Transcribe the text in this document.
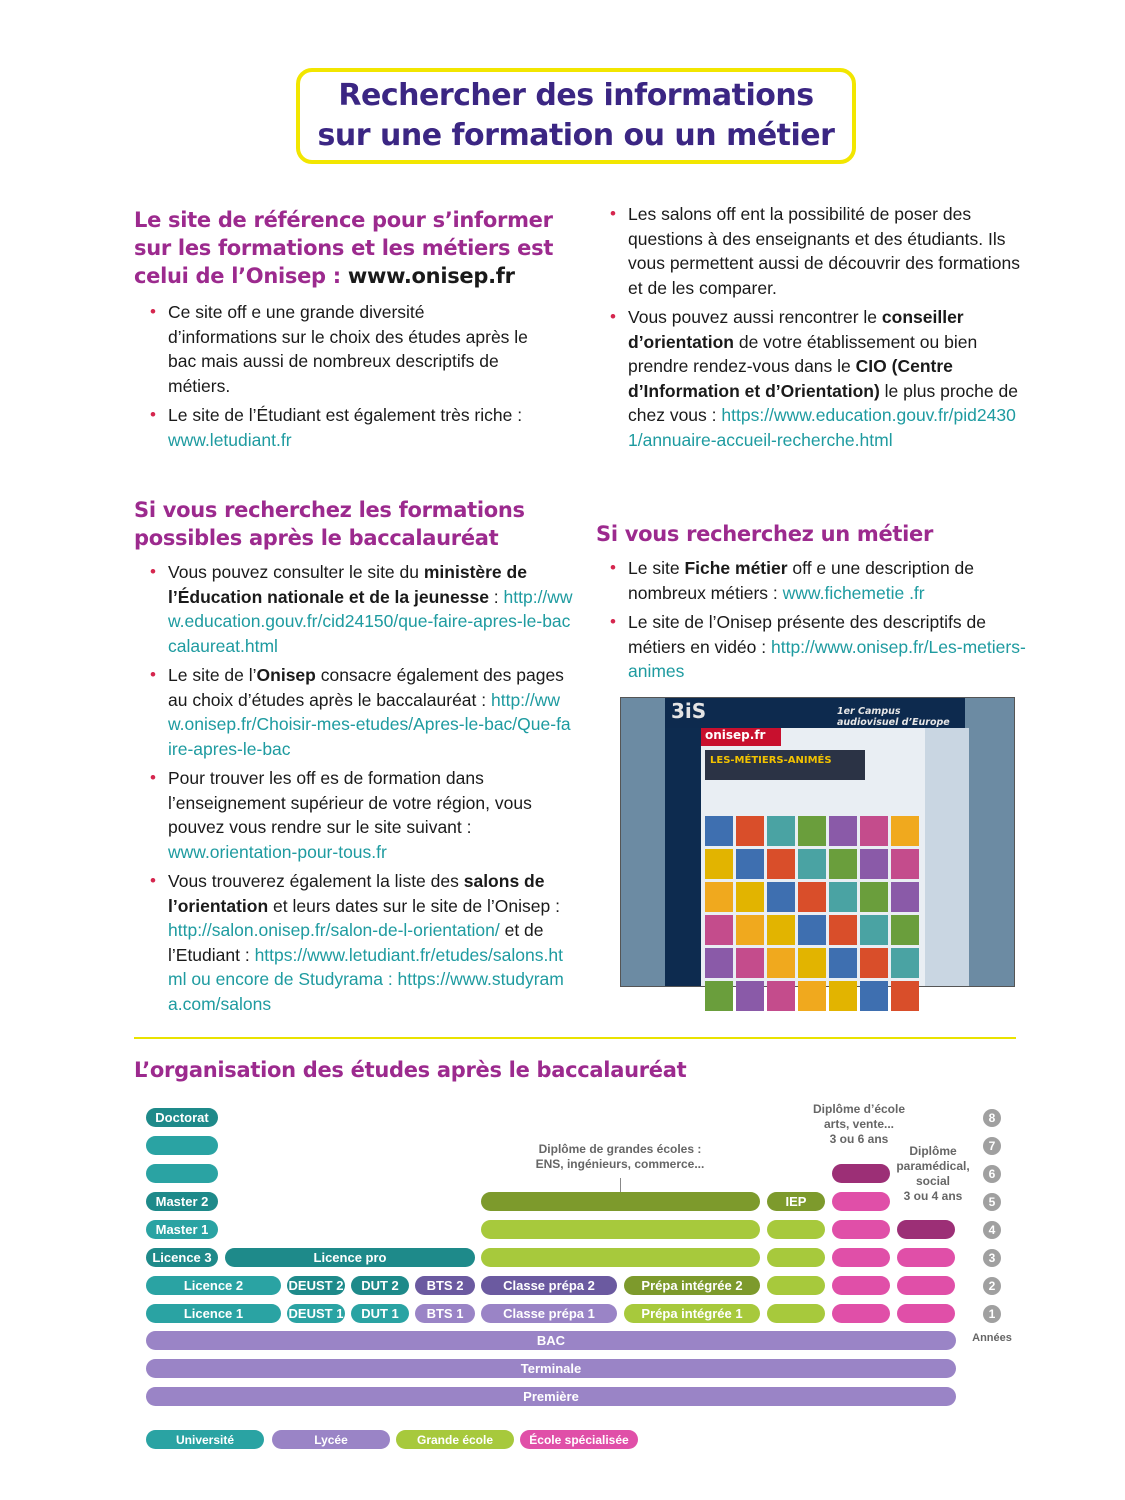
Rechercher des informations
sur une formation ou un métier
Le site de référence pour s’informer
sur les formations et les métiers est
celui de l’Onisep : www.onisep.fr
• Ce site off e une grande diversité d’informations sur le choix des études après le bac mais aussi de nombreux descriptifs de métiers.
• Le site de l’Étudiant est également très riche : www.letudiant.fr
• Les salons off ent la possibilité de poser des questions à des enseignants et des étudiants. Ils vous permettent aussi de découvrir des formations et de les comparer.
• Vous pouvez aussi rencontrer le conseiller d’orientation de votre établissement ou bien prendre rendez-vous dans le CIO (Centre d’Information et d’Orientation) le plus proche de chez vous : https://www.education.gouv.fr/pid24301/annuaire-accueil-recherche.html
Si vous recherchez les formations
possibles après le baccalauréat
• Vous pouvez consulter le site du ministère de l’Éducation nationale et de la jeunesse : http://www.education.gouv.fr/cid24150/que-faire-apres-le-baccalaureat.html
• Le site de l’Onisep consacre également des pages au choix d’études après le baccalauréat : http://www.onisep.fr/Choisir-mes-etudes/Apres-le-bac/Que-faire-apres-le-bac
• Pour trouver les off es de formation dans l’enseignement supérieur de votre région, vous pouvez vous rendre sur le site suivant : www.orientation-pour-tous.fr
• Vous trouverez également la liste des salons de l’orientation et leurs dates sur le site de l’Onisep : http://salon.onisep.fr/salon-de-l-orientation/ et de l’Etudiant : https://www.letudiant.fr/etudes/salons.html ou encore de Studyrama : https://www.studyrama.com/salons
Si vous recherchez un métier
• Le site Fiche métier off e une description de nombreux métiers : www.fichemetie .fr
• Le site de l’Onisep présente des descriptifs de métiers en vidéo : http://www.onisep.fr/Les-metiers-animes
3iS	1er Campus audiovisuel d’Europe
onisep.fr
LES-MÉTIERS-ANIMÉS
L’organisation des études après le baccalauréat
Doctorat
Master 2
Master 1
Licence 3	Licence pro
Licence 2	DEUST 2	DUT 2	BTS 2	Classe prépa 2	Prépa intégrée 2
Licence 1	DEUST 1	DUT 1	BTS 1	Classe prépa 1	Prépa intégrée 1
Diplôme de grandes écoles :
ENS, ingénieurs, commerce...
IEP
Diplôme d’école
arts, vente...
3 ou 6 ans
Diplôme
paramédical,
social
3 ou 4 ans
8
7
6
5
4
3
2
1
Années
BAC
Terminale
Première
Université	Lycée	Grande école	École spécialisée
